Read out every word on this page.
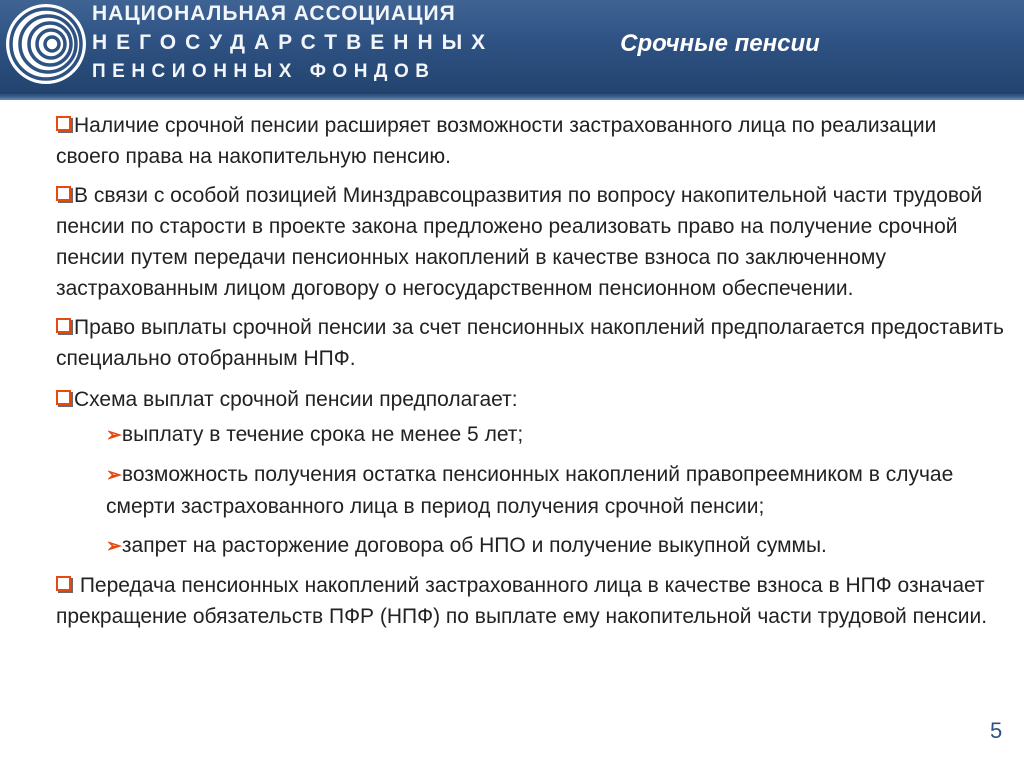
НАЦИОНАЛЬНАЯ АССОЦИАЦИЯ

НЕГОСУДАРСТВЕННЫХ

ПЕНСИОННЫХ ФОНДОВ

Срочные пенсии

Наличие срочной пенсии расширяет возможности застрахованного лица по реализации своего права на накопительную пенсию.

В связи с особой позицией Минздравсоцразвития по вопросу накопительной части трудовой пенсии по старости в проекте закона предложено реализовать право на получение срочной пенсии путем передачи пенсионных накоплений в качестве взноса по заключенному застрахованным лицом договору о негосударственном пенсионном обеспечении.

Право выплаты срочной пенсии за счет пенсионных накоплений предполагается предоставить специально отобранным НПФ.

Схема выплат срочной пенсии предполагает:

➢выплату в течение срока не менее 5 лет;

➢возможность получения остатка пенсионных накоплений правопреемником в случае смерти застрахованного лица в период получения срочной пенсии;

➢запрет на расторжение договора об НПО и получение выкупной суммы.

Передача пенсионных накоплений застрахованного лица в качестве взноса в НПФ означает прекращение обязательств ПФР (НПФ) по выплате ему накопительной части трудовой пенсии.

5
